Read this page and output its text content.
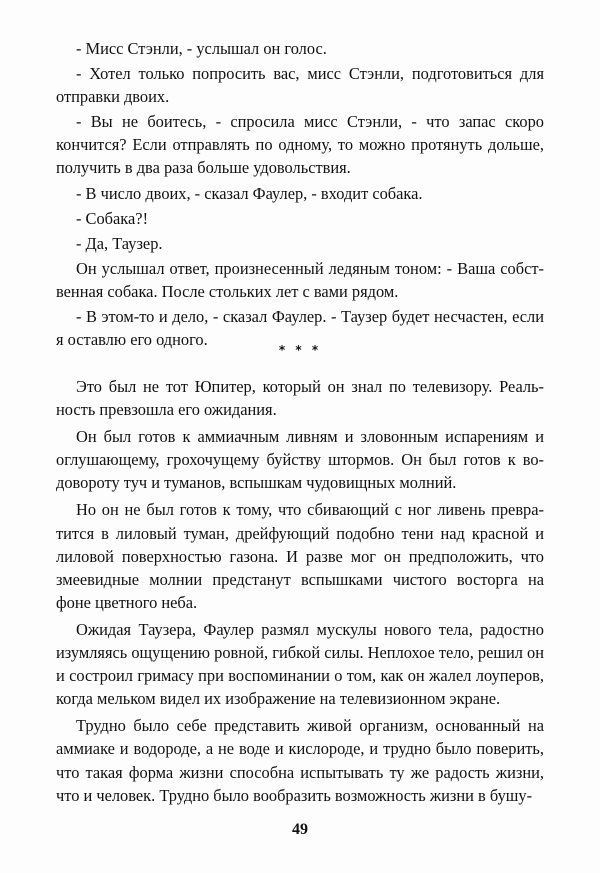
- Мисс Стэнли, - услышал он голос.

- Хотел только попросить вас, мисс Стэнли, подготовиться для отправки двоих.

- Вы не боитесь, - спросила мисс Стэнли, - что запас скоро кончится? Если отправлять по одному, то можно протянуть дольше, получить в два раза больше удовольствия.

- В число двоих, - сказал Фаулер, - входит собака.

- Собака?!

- Да, Таузер.

Он услышал ответ, произнесенный ледяным тоном: - Ваша собственная собака. После стольких лет с вами рядом.

- В этом-то и дело, - сказал Фаулер. - Таузер будет несчастен, если я оставлю его одного.

* * *

Это был не тот Юпитер, который он знал по телевизору. Реальность превзошла его ожидания.

Он был готов к аммиачным ливням и зловонным испарениям и оглушающему, грохочущему буйству штормов. Он был готов к водовороту туч и туманов, вспышкам чудовищных молний.

Но он не был готов к тому, что сбивающий с ног ливень превратится в лиловый туман, дрейфующий подобно тени над красной и лиловой поверхностью газона. И разве мог он предположить, что змеевидные молнии предстанут вспышками чистого восторга на фоне цветного неба.

Ожидая Таузера, Фаулер размял мускулы нового тела, радостно изумляясь ощущению ровной, гибкой силы. Неплохое тело, решил он и состроил гримасу при воспоминании о том, как он жалел лоуперов, когда мельком видел их изображение на телевизионном экране.

Трудно было себе представить живой организм, основанный на аммиаке и водороде, а не воде и кислороде, и трудно было поверить, что такая форма жизни способна испытывать ту же радость жизни, что и человек. Трудно было вообразить возможность жизни в бушу-

49
